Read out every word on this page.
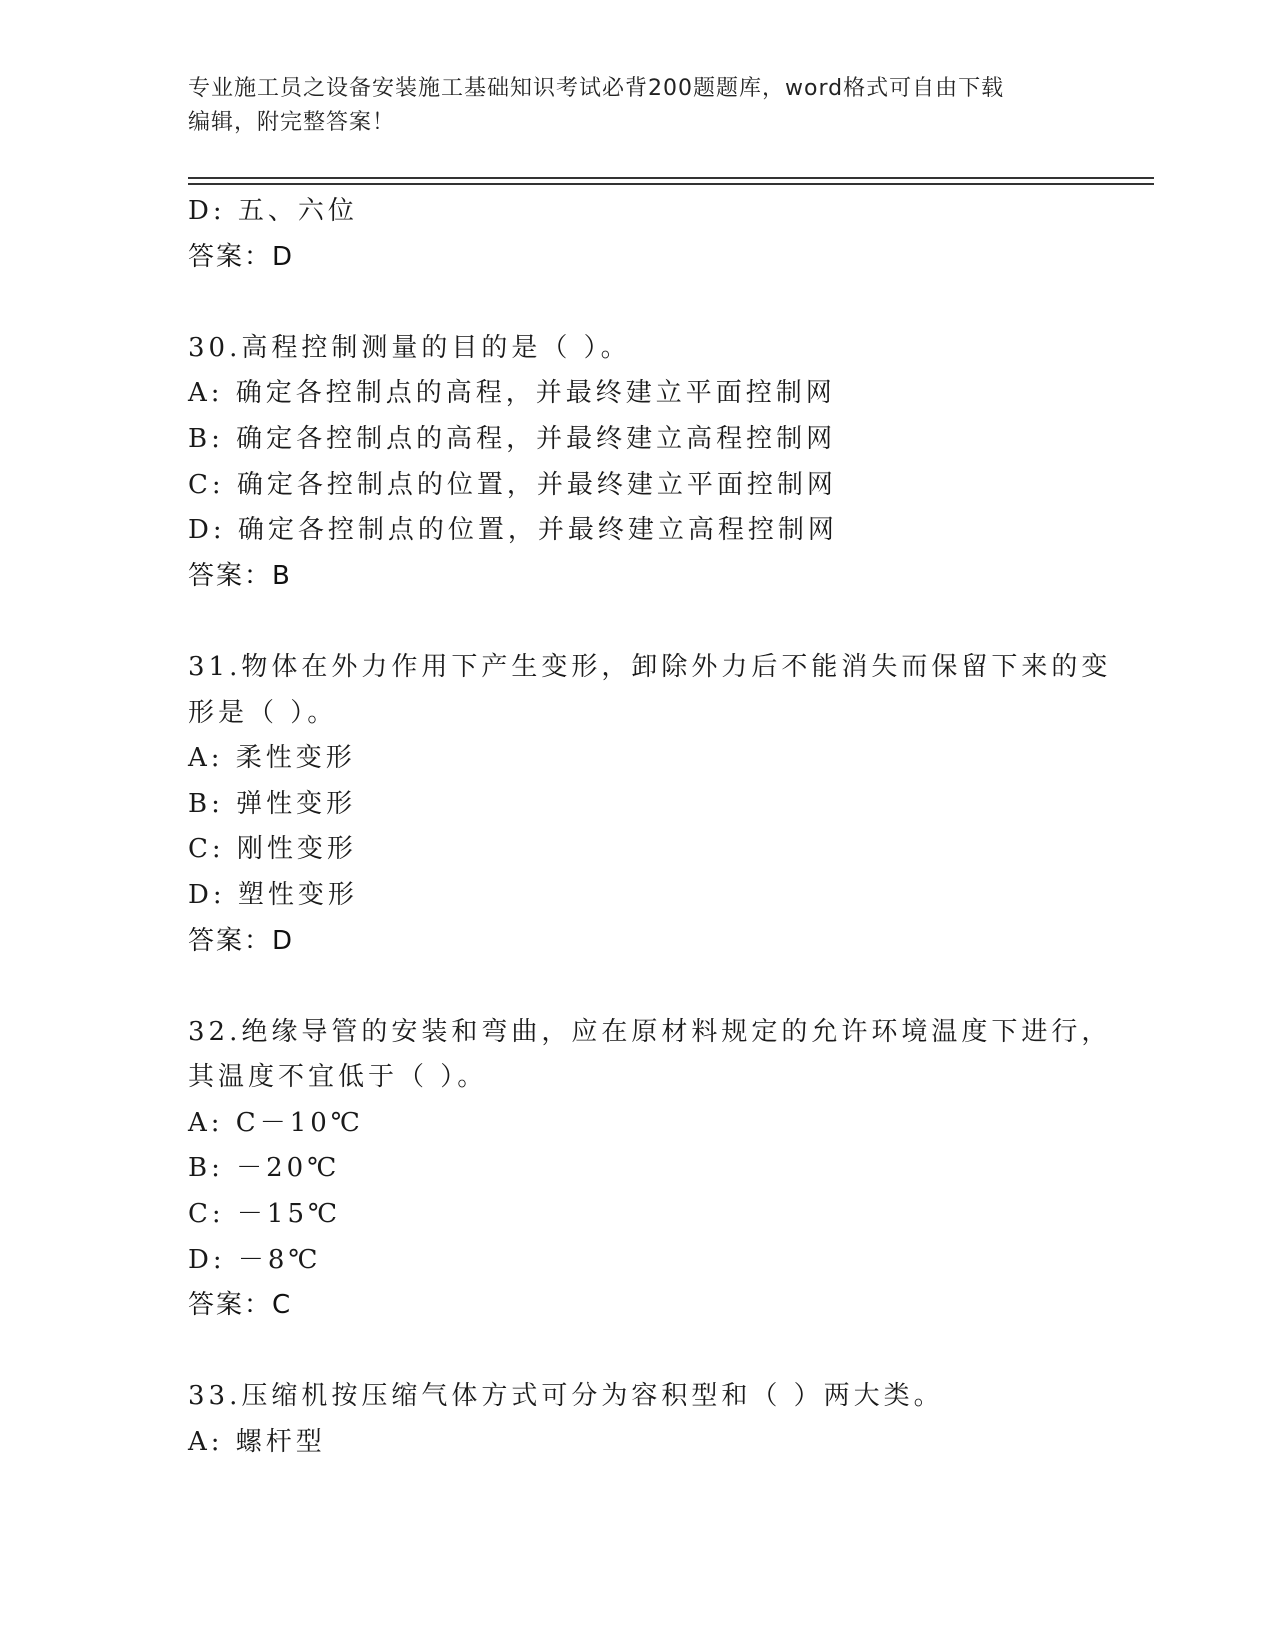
专业施工员之设备安装施工基础知识考试必背200题题库，word格式可自由下载
编辑，附完整答案！
D: 五、六位
答案：D
30.高程控制测量的目的是（ ）。
A: 确定各控制点的高程，并最终建立平面控制网
B: 确定各控制点的高程，并最终建立高程控制网
C: 确定各控制点的位置，并最终建立平面控制网
D: 确定各控制点的位置，并最终建立高程控制网
答案：B
31.物体在外力作用下产生变形，卸除外力后不能消失而保留下来的变
形是（ ）。
A: 柔性变形
B: 弹性变形
C: 刚性变形
D: 塑性变形
答案：D
32.绝缘导管的安装和弯曲，应在原材料规定的允许环境温度下进行，
其温度不宜低于（ ）。
A: C－10℃
B: －20℃
C: －15℃
D: －8℃
答案：C
33.压缩机按压缩气体方式可分为容积型和（ ）两大类。
A: 螺杆型
